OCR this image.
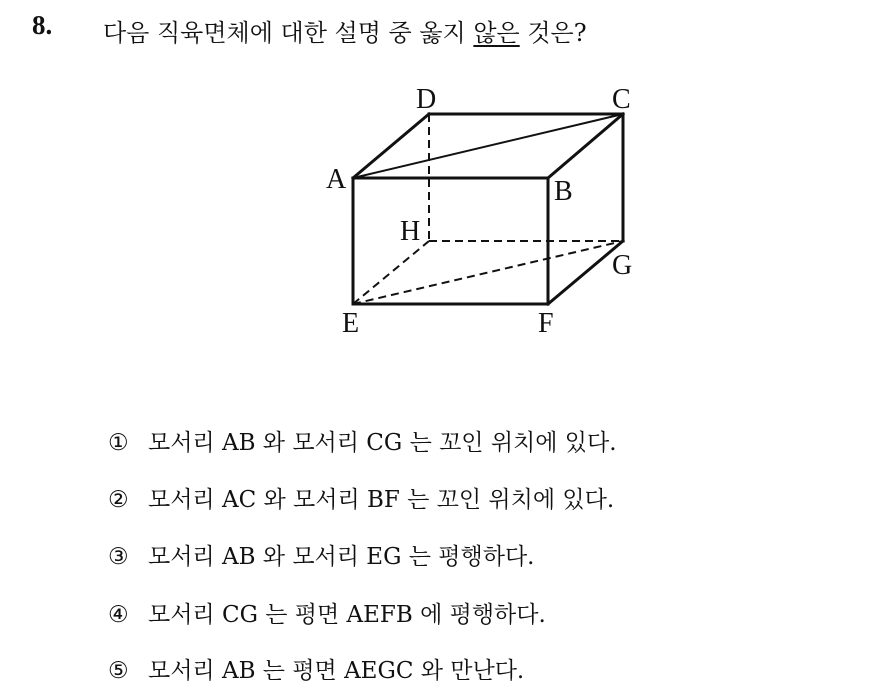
8. 다음 직육면체에 대한 설명 중 옳지 않은 것은?
D	C
A	B
H
G
E	F
① 모서리 AB 와 모서리 CG 는 꼬인 위치에 있다.
② 모서리 AC 와 모서리 BF 는 꼬인 위치에 있다.
③ 모서리 AB 와 모서리 EG 는 평행하다.
④ 모서리 CG 는 평면 AEFB 에 평행하다.
⑤ 모서리 AB 는 평면 AEGC 와 만난다.
